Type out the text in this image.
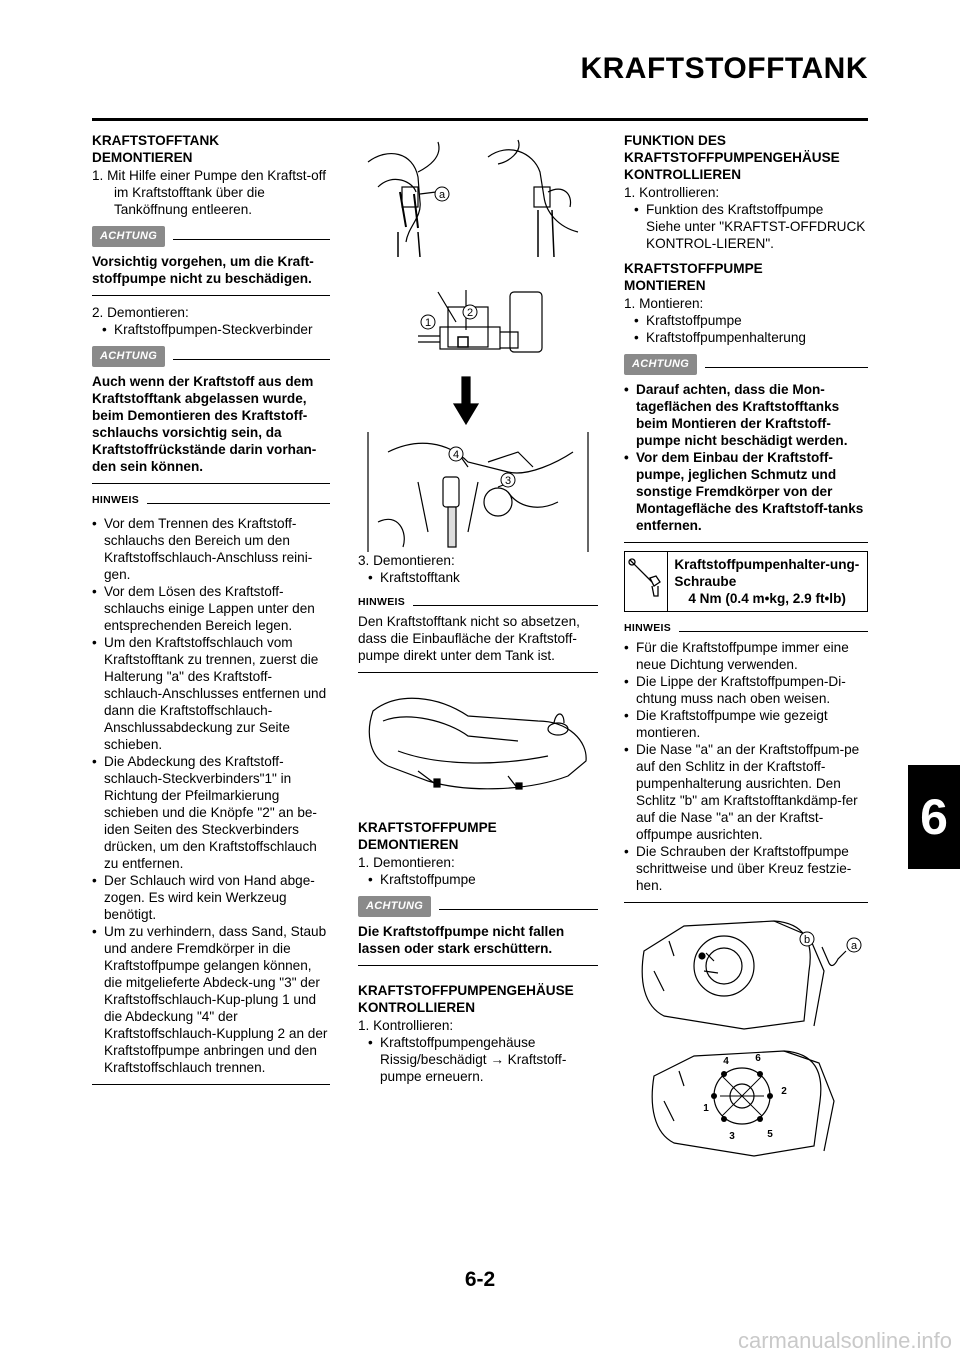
KRAFTSTOFFTANK
KRAFTSTOFFTANK
DEMONTIEREN

1. Mit Hilfe einer Pumpe den Kraftst-off im Kraftstofftank über die Tanköffnung entleeren.

ACHTUNG
Vorsichtig vorgehen, um die Kraft-stoffpumpe nicht zu beschädigen.

2. Demontieren:

• Kraftstoffpumpen-Steckverbinder

ACHTUNG
Auch wenn der Kraftstoff aus dem Kraftstofftank abgelassen wurde, beim Demontieren des Kraftstoff-schlauchs vorsichtig sein, da Kraftstoffrückstände darin vorhan-den sein können.
HINWEIS

• Vor dem Trennen des Kraftstoff-schlauchs den Bereich um den Kraftstoffschlauch-Anschluss reini-gen.

• Vor dem Lösen des Kraftstoff-schlauchs einige Lappen unter den entsprechenden Bereich legen.

• Um den Kraftstoffschlauch vom Kraftstofftank zu trennen, zuerst die Halterung "a" des Kraftstoff-schlauch-Anschlusses entfernen und dann die Kraftstoffschlauch-Anschlussabdeckung zur Seite schieben.

• Die Abdeckung des Kraftstoff-schlauch-Steckverbinders"1" in Richtung der Pfeilmarkierung schieben und die Knöpfe "2" an be-iden Seiten des Steckverbinders drücken, um den Kraftstoffschlauch zu entfernen.

• Der Schlauch wird von Hand abge-zogen. Es wird kein Werkzeug benötigt.

• Um zu verhindern, dass Sand, Staub und andere Fremdkörper in die Kraftstoffpumpe gelangen können, die mitgelieferte Abdeck-ung "3" der Kraftstoffschlauch-Kup-plung 1 und die Abdeckung "4" der Kraftstoffschlauch-Kupplung 2 an der Kraftstoffpumpe anbringen und den Kraftstoffschlauch trennen.

a
1
2
4
3

3. Demontieren:

• Kraftstofftank

HINWEIS
Den Kraftstofftank nicht so absetzen, dass die Einbaufläche der Kraftstoff-pumpe direkt unter dem Tank ist.
KRAFTSTOFFPUMPE
DEMONTIEREN

1. Demontieren:

• Kraftstoffpumpe

ACHTUNG
Die Kraftstoffpumpe nicht fallen lassen oder stark erschüttern.
KRAFTSTOFFPUMPENGEHÄUSE
KONTROLLIEREN

1. Kontrollieren:

• Kraftstoffpumpengehäuse

Rissig/beschädigt → Kraftstoff-pumpe erneuern.

FUNKTION DES
KRAFTSTOFFPUMPENGEHÄUSE
KONTROLLIEREN

1. Kontrollieren:

• Funktion des Kraftstoffpumpe

Siehe unter "KRAFTST-OFFDRUCK KONTROL-LIEREN".

KRAFTSTOFFPUMPE
MONTIEREN

1. Montieren:

• Kraftstoffpumpe

• Kraftstoffpumpenhalterung

ACHTUNG

• Darauf achten, dass die Mon-tageflächen des Kraftstofftanks beim Montieren der Kraftstoff-pumpe nicht beschädigt werden.

• Vor dem Einbau der Kraftstoff-pumpe, jeglichen Schmutz und sonstige Fremdkörper von der Montagefläche des Kraftstoff-tanks entfernen.

Kraftstoffpumpenhalter-ung-Schraube
4 Nm (0.4 m•kg, 2.9 ft•lb)
HINWEIS

• Für die Kraftstoffpumpe immer eine neue Dichtung verwenden.

• Die Lippe der Kraftstoffpumpen-Di-chtung muss nach oben weisen.

• Die Kraftstoffpumpe wie gezeigt montieren.

• Die Nase "a" an der Kraftstoffpum-pe auf den Schlitz in der Kraftstoff-pumpenhalterung ausrichten. Den Schlitz "b" am Kraftstofftankdämp-fer auf die Nase "a" an der Kraftst-offpumpe ausrichten.

• Die Schrauben der Kraftstoffpumpe schrittweise und über Kreuz festzie-hen.

a
b
1
2
3
4
5
6
6
6-2
carmanualsonline.info
